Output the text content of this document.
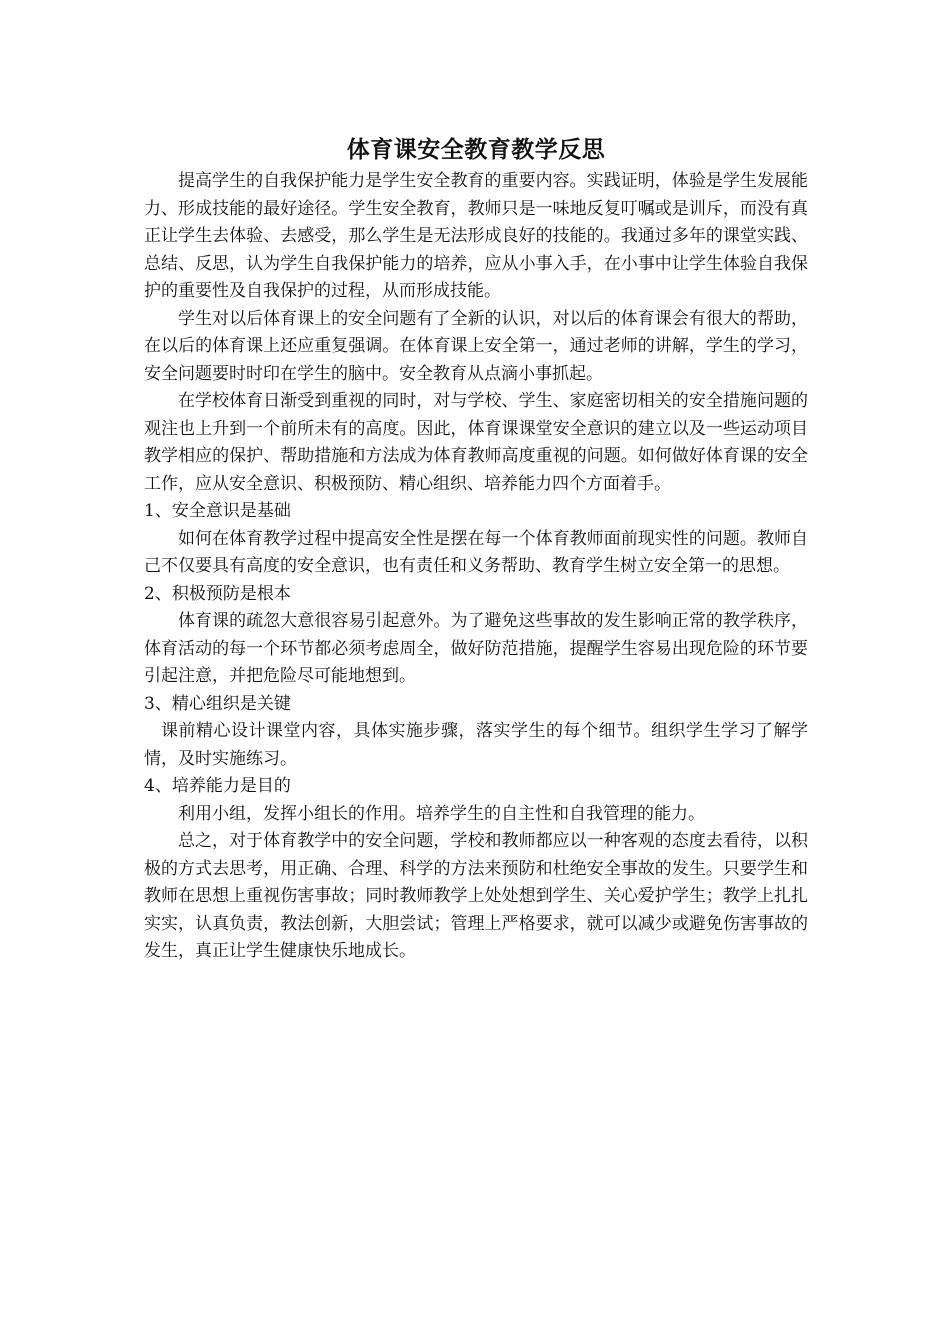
体育课安全教育教学反思

提高学生的自我保护能力是学生安全教育的重要内容。实践证明，体验是学生发展能力、形成技能的最好途径。学生安全教育，教师只是一味地反复叮嘱或是训斥，而没有真正让学生去体验、去感受，那么学生是无法形成良好的技能的。我通过多年的课堂实践、总结、反思，认为学生自我保护能力的培养，应从小事入手，在小事中让学生体验自我保护的重要性及自我保护的过程，从而形成技能。

学生对以后体育课上的安全问题有了全新的认识，对以后的体育课会有很大的帮助，在以后的体育课上还应重复强调。在体育课上安全第一，通过老师的讲解，学生的学习，安全问题要时时印在学生的脑中。安全教育从点滴小事抓起。

在学校体育日渐受到重视的同时，对与学校、学生、家庭密切相关的安全措施问题的观注也上升到一个前所未有的高度。因此，体育课课堂安全意识的建立以及一些运动项目教学相应的保护、帮助措施和方法成为体育教师高度重视的问题。如何做好体育课的安全工作，应从安全意识、积极预防、精心组织、培养能力四个方面着手。

1、安全意识是基础

如何在体育教学过程中提高安全性是摆在每一个体育教师面前现实性的问题。教师自己不仅要具有高度的安全意识，也有责任和义务帮助、教育学生树立安全第一的思想。

2、积极预防是根本

体育课的疏忽大意很容易引起意外。为了避免这些事故的发生影响正常的教学秩序，体育活动的每一个环节都必须考虑周全，做好防范措施，提醒学生容易出现危险的环节要引起注意，并把危险尽可能地想到。

3、精心组织是关键

课前精心设计课堂内容，具体实施步骤，落实学生的每个细节。组织学生学习了解学情，及时实施练习。

4、培养能力是目的

利用小组，发挥小组长的作用。培养学生的自主性和自我管理的能力。

总之，对于体育教学中的安全问题，学校和教师都应以一种客观的态度去看待，以积极的方式去思考，用正确、合理、科学的方法来预防和杜绝安全事故的发生。只要学生和教师在思想上重视伤害事故；同时教师教学上处处想到学生、关心爱护学生；教学上扎扎实实，认真负责，教法创新，大胆尝试；管理上严格要求，就可以减少或避免伤害事故的发生，真正让学生健康快乐地成长。
